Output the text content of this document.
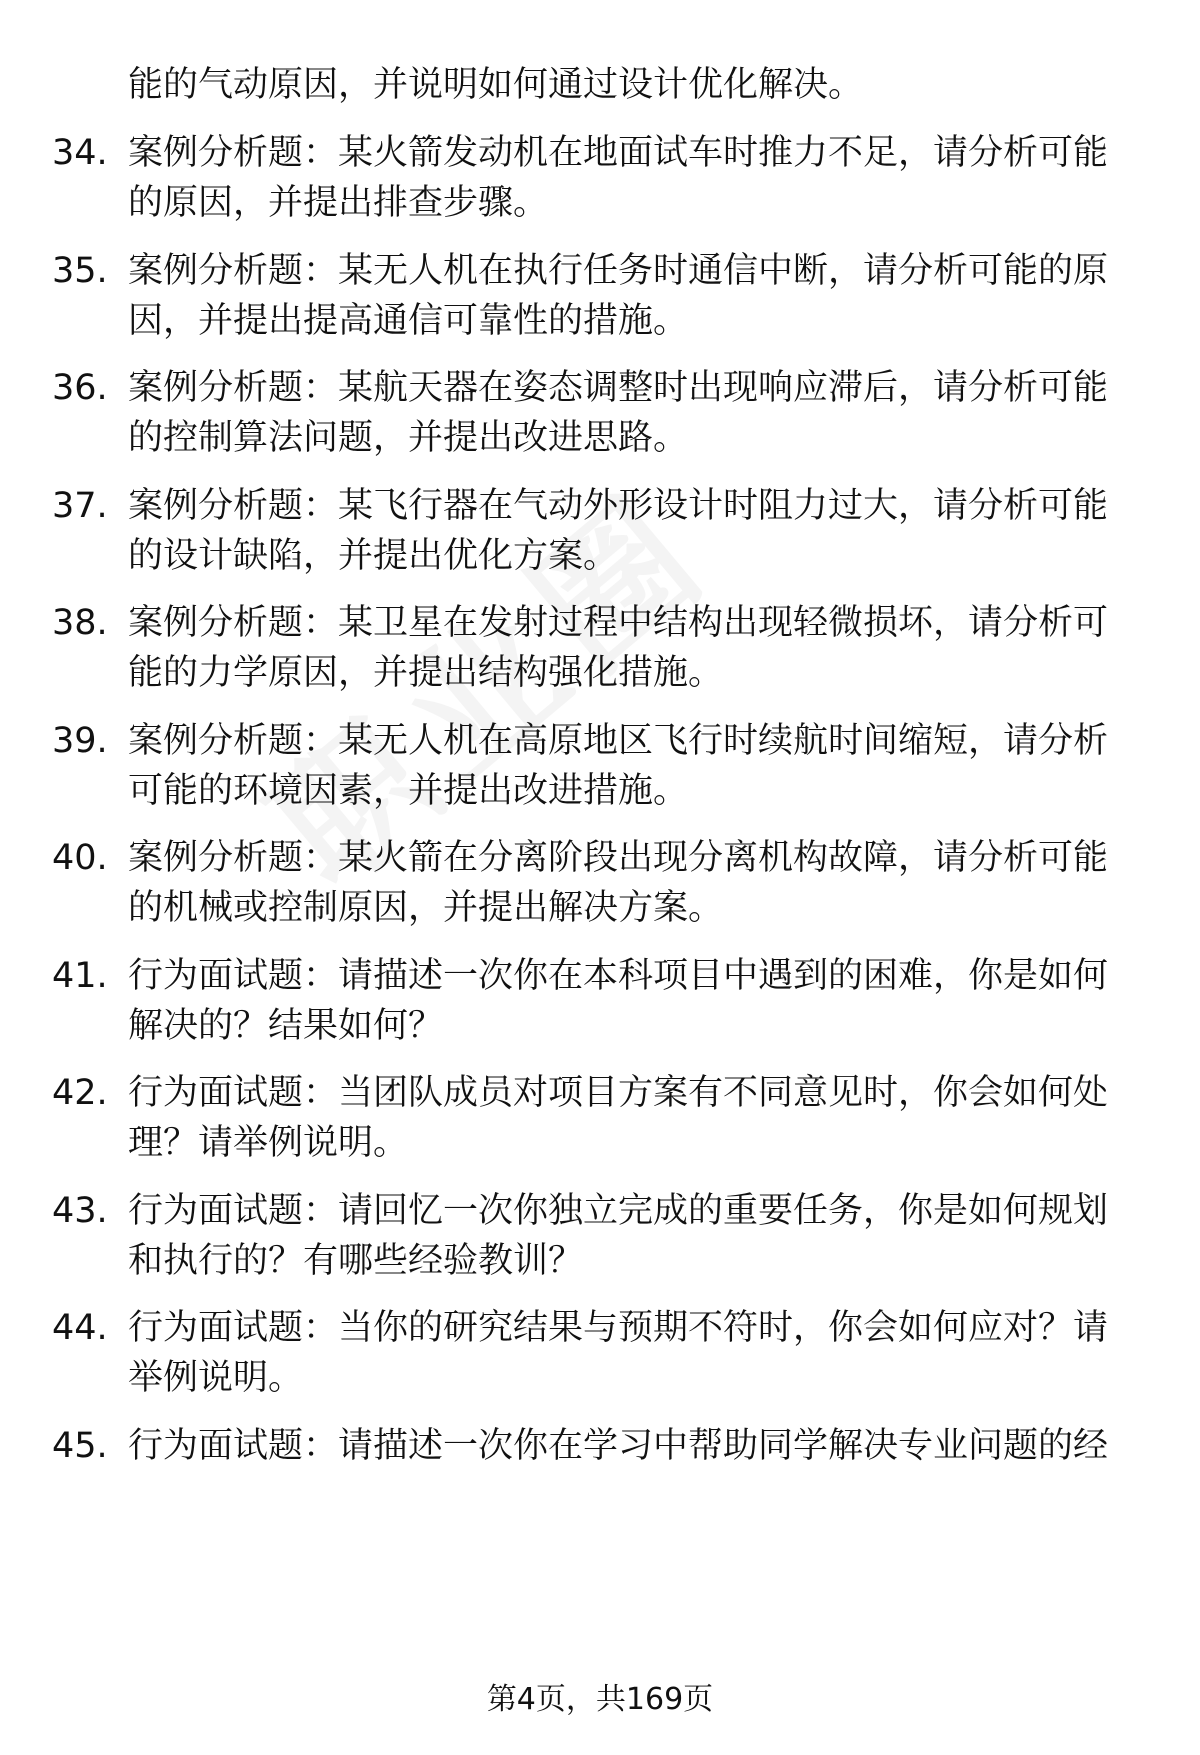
能的气动原因，并说明如何通过设计优化解决。
34. 案例分析题：某火箭发动机在地面试车时推力不足，请分析可能
的原因，并提出排查步骤。
35. 案例分析题：某无人机在执行任务时通信中断，请分析可能的原
因，并提出提高通信可靠性的措施。
36. 案例分析题：某航天器在姿态调整时出现响应滞后，请分析可能
的控制算法问题，并提出改进思路。
37. 案例分析题：某飞行器在气动外形设计时阻力过大，请分析可能
的设计缺陷，并提出优化方案。
38. 案例分析题：某卫星在发射过程中结构出现轻微损坏，请分析可
能的力学原因，并提出结构强化措施。
39. 案例分析题：某无人机在高原地区飞行时续航时间缩短，请分析
可能的环境因素，并提出改进措施。
40. 案例分析题：某火箭在分离阶段出现分离机构故障，请分析可能
的机械或控制原因，并提出解决方案。
41. 行为面试题：请描述一次你在本科项目中遇到的困难，你是如何
解决的？结果如何？
42. 行为面试题：当团队成员对项目方案有不同意见时，你会如何处
理？请举例说明。
43. 行为面试题：请回忆一次你独立完成的重要任务，你是如何规划
和执行的？有哪些经验教训？
44. 行为面试题：当你的研究结果与预期不符时，你会如何应对？请
举例说明。
45. 行为面试题：请描述一次你在学习中帮助同学解决专业问题的经
第4页，共169页
